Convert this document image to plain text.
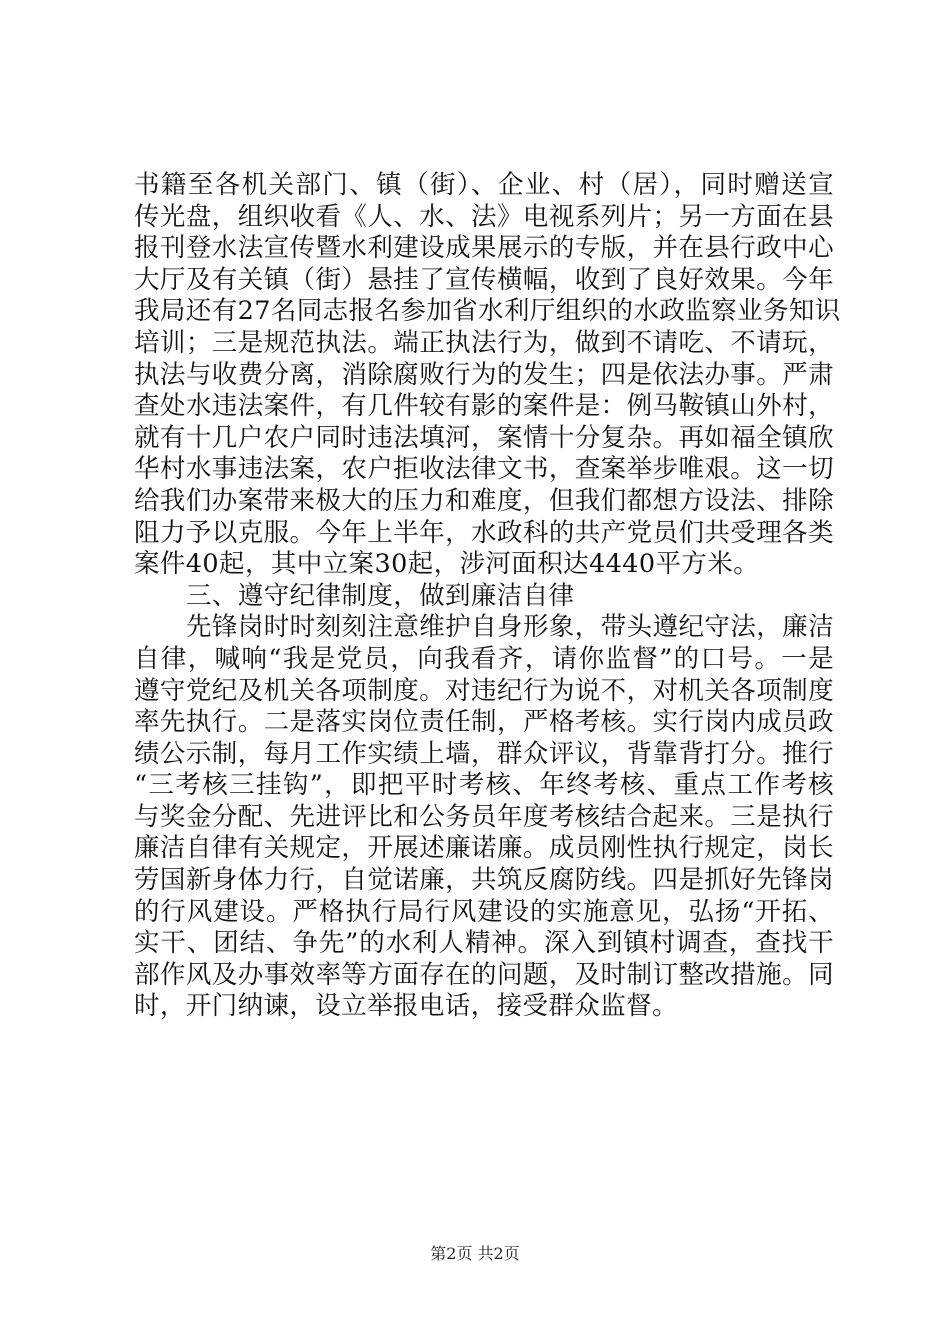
书籍至各机关部门、镇（街）、企业、村（居），同时赠送宣
传光盘，组织收看《人、水、法》电视系列片；另一方面在县
报刊登水法宣传暨水利建设成果展示的专版，并在县行政中心
大厅及有关镇（街）悬挂了宣传横幅，收到了良好效果。今年
我局还有27名同志报名参加省水利厅组织的水政监察业务知识
培训；三是规范执法。端正执法行为，做到不请吃、不请玩，
执法与收费分离，消除腐败行为的发生；四是依法办事。严肃
查处水违法案件，有几件较有影的案件是：例马鞍镇山外村，
就有十几户农户同时违法填河，案情十分复杂。再如福全镇欣
华村水事违法案，农户拒收法律文书，查案举步唯艰。这一切
给我们办案带来极大的压力和难度，但我们都想方设法、排除
阻力予以克服。今年上半年，水政科的共产党员们共受理各类
案件40起，其中立案30起，涉河面积达4440平方米。
三、遵守纪律制度，做到廉洁自律
先锋岗时时刻刻注意维护自身形象，带头遵纪守法，廉洁
自律，喊响“我是党员，向我看齐，请你监督”的口号。一是
遵守党纪及机关各项制度。对违纪行为说不，对机关各项制度
率先执行。二是落实岗位责任制，严格考核。实行岗内成员政
绩公示制，每月工作实绩上墙，群众评议，背靠背打分。推行
“三考核三挂钩”，即把平时考核、年终考核、重点工作考核
与奖金分配、先进评比和公务员年度考核结合起来。三是执行
廉洁自律有关规定，开展述廉诺廉。成员刚性执行规定，岗长
劳国新身体力行，自觉诺廉，共筑反腐防线。四是抓好先锋岗
的行风建设。严格执行局行风建设的实施意见，弘扬“开拓、
实干、团结、争先”的水利人精神。深入到镇村调查，查找干
部作风及办事效率等方面存在的问题，及时制订整改措施。同
时，开门纳谏，设立举报电话，接受群众监督。
第2页 共2页
